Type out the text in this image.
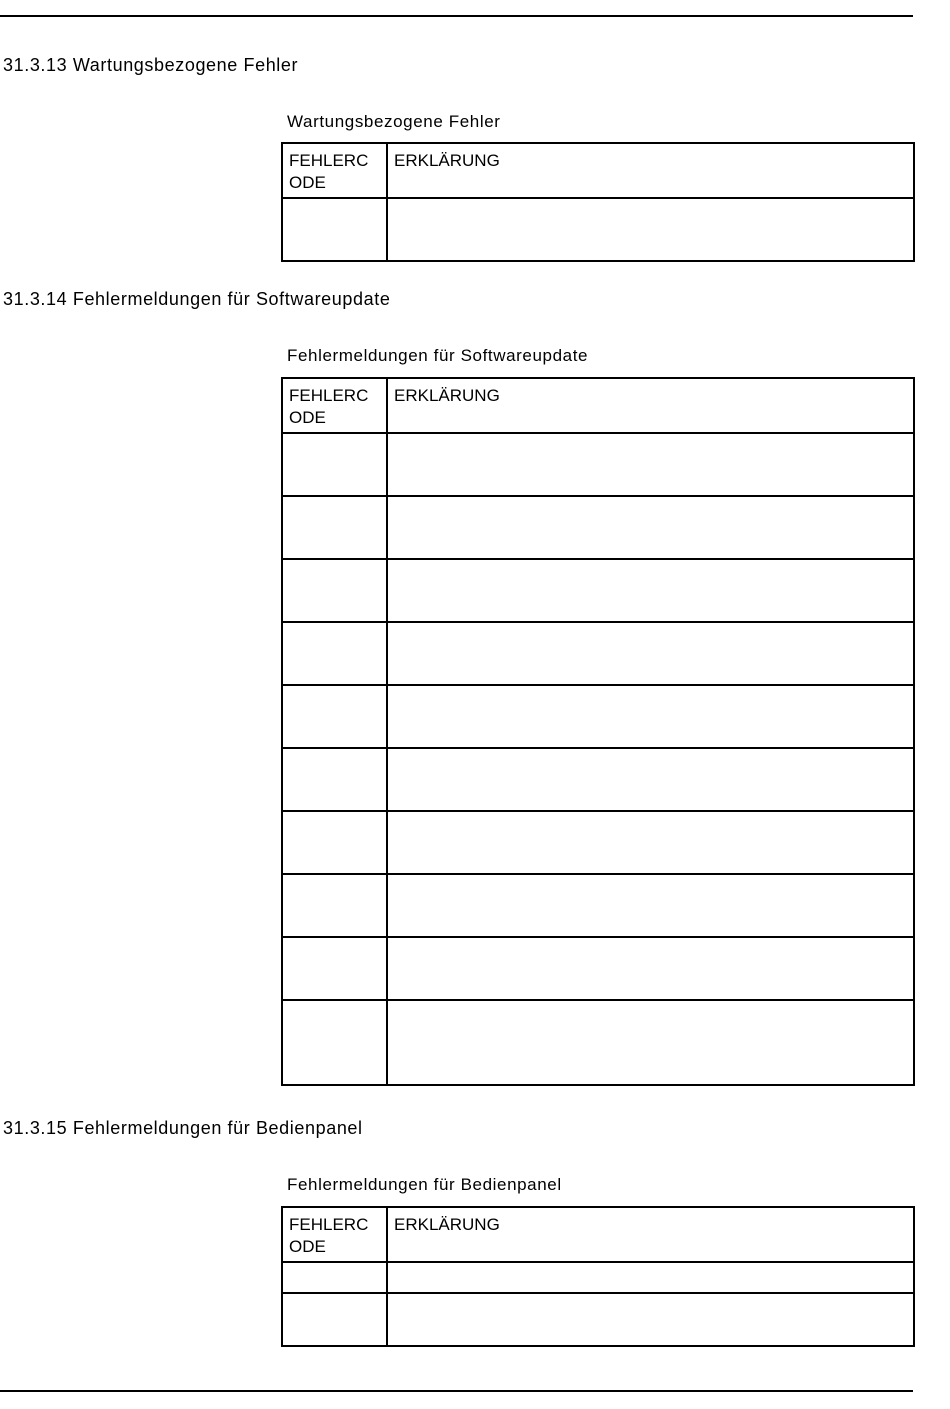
31.3.13 Wartungsbezogene Fehler
Wartungsbezogene Fehler
FEHLERCODE	ERKLÄRUNG

31.3.14 Fehlermeldungen für Softwareupdate
Fehlermeldungen für Softwareupdate
FEHLERCODE	ERKLÄRUNG

31.3.15 Fehlermeldungen für Bedienpanel
Fehlermeldungen für Bedienpanel
FEHLERCODE	ERKLÄRUNG
